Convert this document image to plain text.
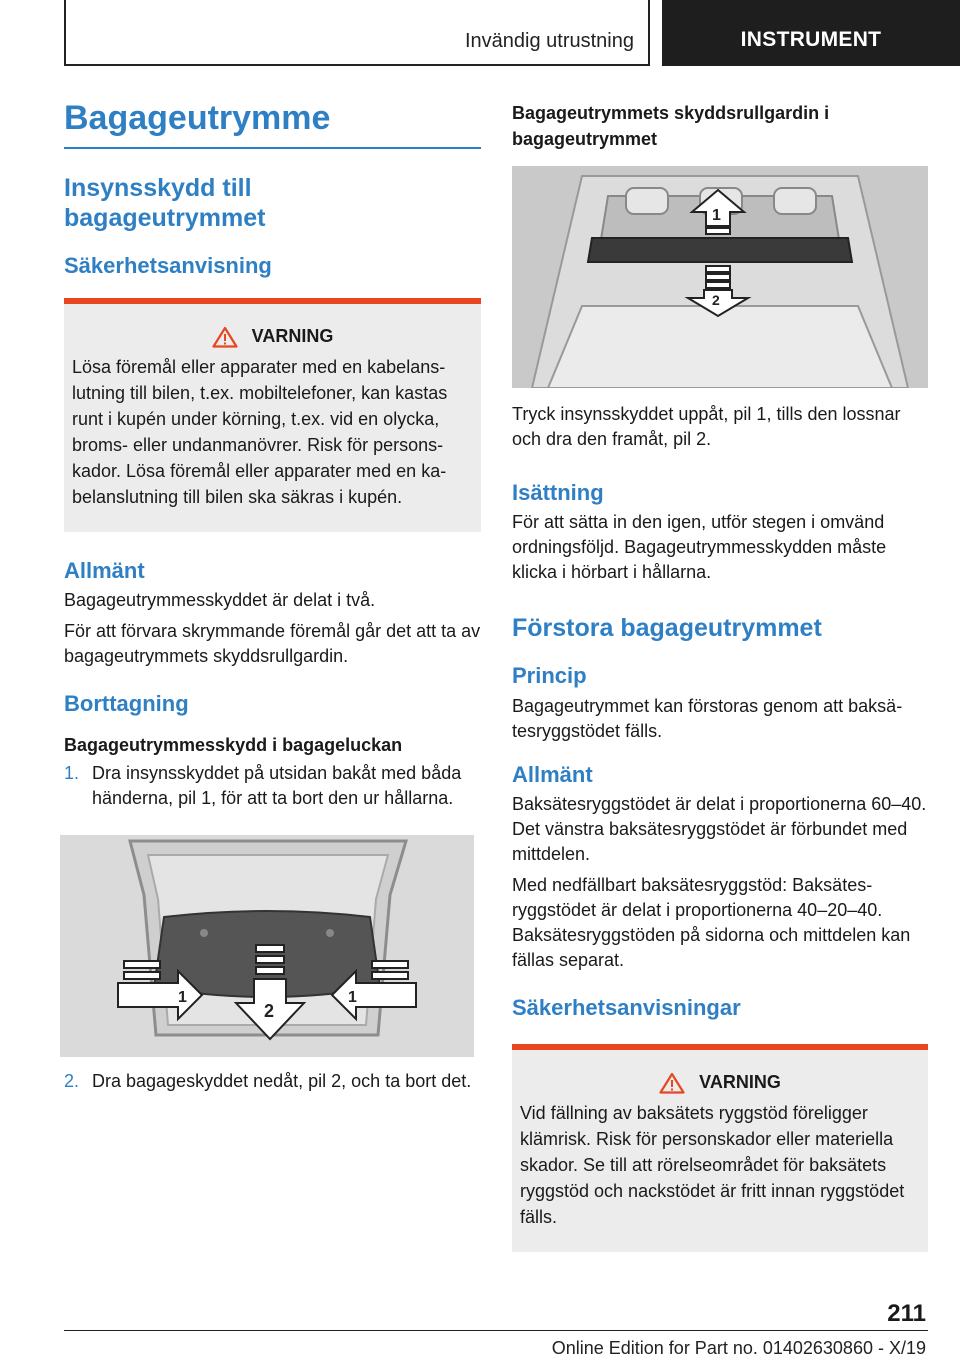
Invändig utrustning	INSTRUMENT
Bagageutrymme
Insynsskydd till bagageutrymmet
Säkerhetsanvisning
VARNING

Lösa föremål eller apparater med en kabelanslutning till bilen, t.ex. mobiltelefoner, kan kastas runt i kupén under körning, t.ex. vid en olycka, broms- eller undanmanövrer. Risk för personskador. Lösa föremål eller apparater med en kabelanslutning till bilen ska säkras i kupén.

Allmänt

Bagageutrymmesskyddet är delat i två.

För att förvara skrymmande föremål går det att ta av bagageutrymmets skyddsrullgardin.

Borttagning
Bagageutrymmesskydd i bagageluckan
1. Dra insynsskyddet på utsidan bakåt med båda händerna, pil 1, för att ta bort den ur hållarna.
1
2
1
2. Dra bagageskyddet nedåt, pil 2, och ta bort det.
Bagageutrymmets skyddsrullgardin i bagageutrymmet
1
2

Tryck insynsskyddet uppåt, pil 1, tills den lossnar och dra den framåt, pil 2.

Isättning

För att sätta in den igen, utför stegen i omvänd ordningsföljd. Bagageutrymmesskydden måste klicka i hörbart i hållarna.

Förstora bagageutrymmet
Princip

Bagageutrymmet kan förstoras genom att baksätesryggstödet fälls.

Allmänt

Baksätesryggstödet är delat i proportionerna 60–40. Det vänstra baksätesryggstödet är förbundet med mittdelen.

Med nedfällbart baksätesryggstöd: Baksätesryggstödet är delat i proportionerna 40–20–40. Baksätesryggstöden på sidorna och mittdelen kan fällas separat.

Säkerhetsanvisningar
VARNING

Vid fällning av baksätets ryggstöd föreligger klämrisk. Risk för personskador eller materiella skador. Se till att rörelseområdet för baksätets ryggstöd och nackstödet är fritt innan ryggstödet fälls.

211
Online Edition for Part no. 01402630860 - X/19
